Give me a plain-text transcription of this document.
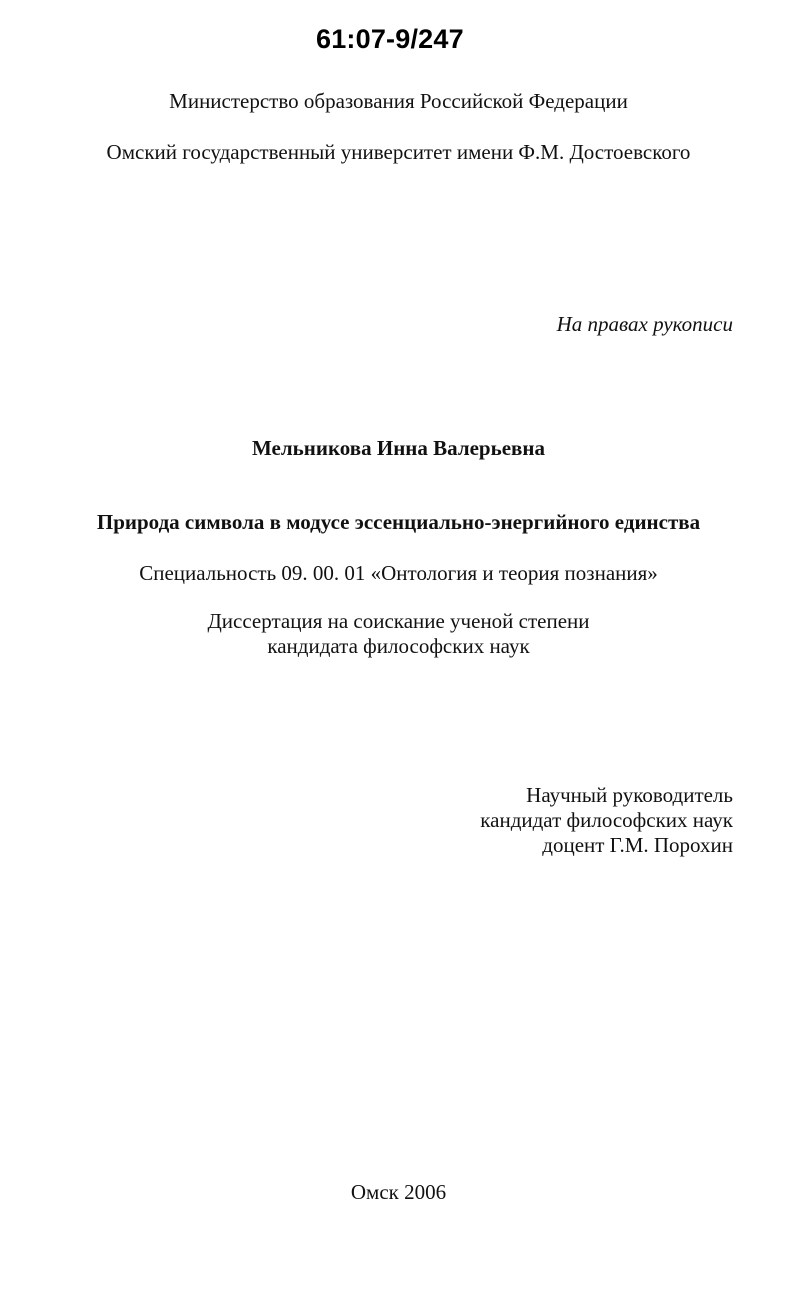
61:07-9/247
Министерство образования Российской Федерации
Омский государственный университет имени Ф.М. Достоевского
На правах рукописи
Мельникова Инна Валерьевна
Природа символа в модусе эссенциально-энергийного единства
Специальность 09. 00. 01 «Онтология и теория познания»
Диссертация на соискание ученой степени
кандидата философских наук
Научный руководитель
кандидат философских наук
доцент Г.М. Порохин
Омск 2006
